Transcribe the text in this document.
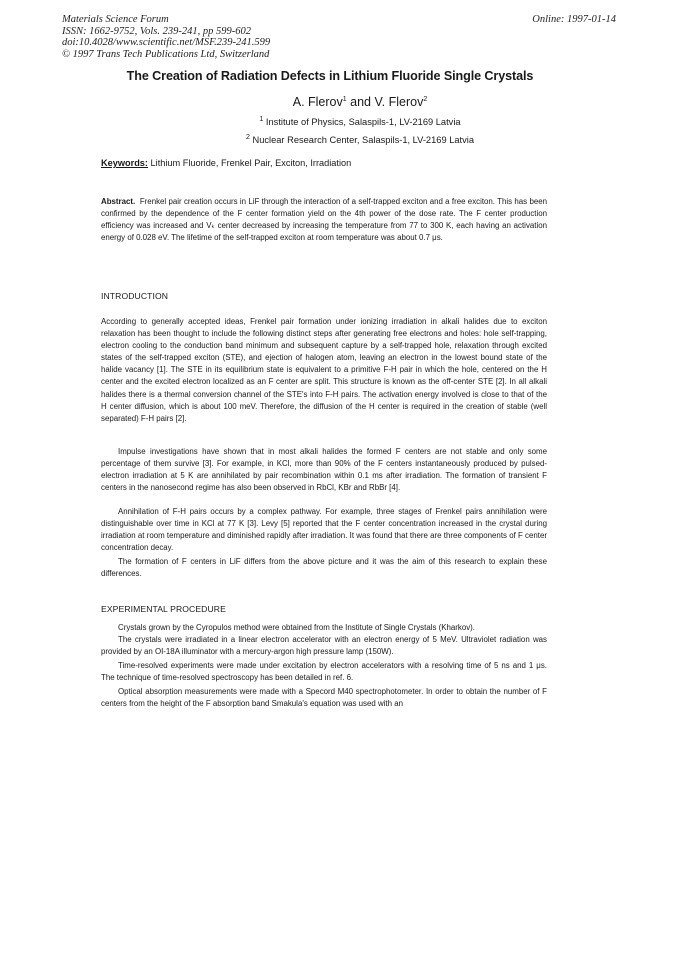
Materials Science Forum
ISSN: 1662-9752, Vols. 239-241, pp 599-602
doi:10.4028/www.scientific.net/MSF.239-241.599
© 1997 Trans Tech Publications Ltd, Switzerland
Online: 1997-01-14
The Creation of Radiation Defects in Lithium Fluoride Single Crystals
A. Flerov$^1$ and V. Flerov$^2$
$^1$ Institute of Physics, Salaspils-1, LV-2169 Latvia
$^2$ Nuclear Research Center, Salaspils-1, LV-2169 Latvia
Keywords: Lithium Fluoride, Frenkel Pair, Exciton, Irradiation
Abstract. Frenkel pair creation occurs in LiF through the interaction of a self-trapped exciton and a free exciton. This has been confirmed by the dependence of the F center formation yield on the 4th power of the dose rate. The F center production efficiency was increased and Vₖ center decreased by increasing the temperature from 77 to 300 K, each having an activation energy of 0.028 eV. The lifetime of the self-trapped exciton at room temperature was about 0.7 μs.
INTRODUCTION
According to generally accepted ideas, Frenkel pair formation under ionizing irradiation in alkali halides due to exciton relaxation has been thought to include the following distinct steps after generating free electrons and holes: hole self-trapping, electron cooling to the conduction band minimum and subsequent capture by a self-trapped hole, relaxation through excited states of the self-trapped exciton (STE), and ejection of halogen atom, leaving an electron in the lowest bound state of the halide vacancy [1]. The STE in its equilibrium state is equivalent to a primitive F-H pair in which the hole, centered on the H center and the excited electron localized as an F center are split. This structure is known as the off-center STE [2]. In all alkali halides there is a thermal conversion channel of the STE's into F-H pairs. The activation energy involved is close to that of the H center diffusion, which is about 100 meV. Therefore, the diffusion of the H center is required in the creation of stable (well separated) F-H pairs [2].
Impulse investigations have shown that in most alkali halides the formed F centers are not stable and only some percentage of them survive [3]. For example, in KCl, more than 90% of the F centers instantaneously produced by pulsed-electron irradiation at 5 K are annihilated by pair recombination within 0.1 ms after irradiation. The formation of transient F centers in the nanosecond regime has also been observed in RbCl, KBr and RbBr [4].
Annihilation of F-H pairs occurs by a complex pathway. For example, three stages of Frenkel pairs annihilation were distinguishable over time in KCl at 77 K [3]. Levy [5] reported that the F center concentration increased in the crystal during irradiation at room temperature and diminished rapidly after irradiation. It was found that there are three components of F center concentration decay.
The formation of F centers in LiF differs from the above picture and it was the aim of this research to explain these differences.
EXPERIMENTAL PROCEDURE
Crystals grown by the Cyropulos method were obtained from the Institute of Single Crystals (Kharkov).
The crystals were irradiated in a linear electron accelerator with an electron energy of 5 MeV. Ultraviolet radiation was provided by an OI-18A illuminator with a mercury-argon high pressure lamp (150W).
Time-resolved experiments were made under excitation by electron accelerators with a resolving time of 5 ns and 1 μs. The technique of time-resolved spectroscopy has been detailed in ref. 6.
Optical absorption measurements were made with a Specord M40 spectrophotometer. In order to obtain the number of F centers from the height of the F absorption band Smakula's equation was used with an
